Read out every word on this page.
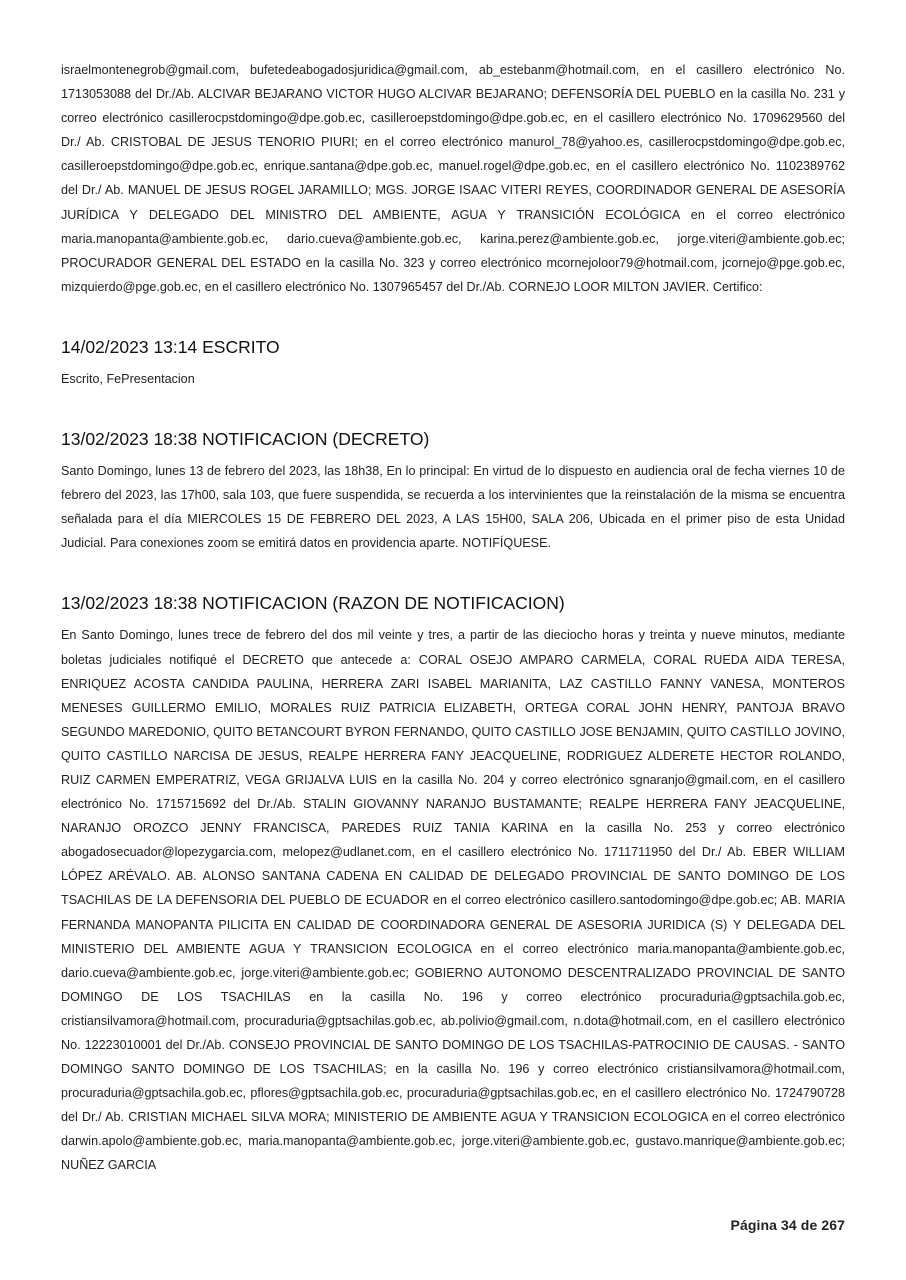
israelmontenegrob@gmail.com, bufetedeabogadosjuridica@gmail.com, ab_estebanm@hotmail.com, en el casillero electrónico No. 1713053088 del Dr./Ab. ALCIVAR BEJARANO VICTOR HUGO ALCIVAR BEJARANO; DEFENSORÍA DEL PUEBLO en la casilla No. 231 y correo electrónico casillerocpstdomingo@dpe.gob.ec, casilleroepstdomingo@dpe.gob.ec, en el casillero electrónico No. 1709629560 del Dr./ Ab. CRISTOBAL DE JESUS TENORIO PIURI; en el correo electrónico manurol_78@yahoo.es, casillerocpstdomingo@dpe.gob.ec, casilleroepstdomingo@dpe.gob.ec, enrique.santana@dpe.gob.ec, manuel.rogel@dpe.gob.ec, en el casillero electrónico No. 1102389762 del Dr./ Ab. MANUEL DE JESUS ROGEL JARAMILLO; MGS. JORGE ISAAC VITERI REYES, COORDINADOR GENERAL DE ASESORÍA JURÍDICA Y DELEGADO DEL MINISTRO DEL AMBIENTE, AGUA Y TRANSICIÓN ECOLÓGICA en el correo electrónico maria.manopanta@ambiente.gob.ec, dario.cueva@ambiente.gob.ec, karina.perez@ambiente.gob.ec, jorge.viteri@ambiente.gob.ec; PROCURADOR GENERAL DEL ESTADO en la casilla No. 323 y correo electrónico mcornejoloor79@hotmail.com, jcornejo@pge.gob.ec, mizquierdo@pge.gob.ec, en el casillero electrónico No. 1307965457 del Dr./Ab. CORNEJO LOOR MILTON JAVIER. Certifico:

14/02/2023 13:14 ESCRITO

Escrito, FePresentacion

13/02/2023 18:38 NOTIFICACION (DECRETO)

Santo Domingo, lunes 13 de febrero del 2023, las 18h38, En lo principal: En virtud de lo dispuesto en audiencia oral de fecha viernes 10 de febrero del 2023, las 17h00, sala 103, que fuere suspendida, se recuerda a los intervinientes que la reinstalación de la misma se encuentra señalada para el día MIERCOLES 15 DE FEBRERO DEL 2023, A LAS 15H00, SALA 206, Ubicada en el primer piso de esta Unidad Judicial. Para conexiones zoom se emitirá datos en providencia aparte. NOTIFÍQUESE.

13/02/2023 18:38 NOTIFICACION (RAZON DE NOTIFICACION)

En Santo Domingo, lunes trece de febrero del dos mil veinte y tres, a partir de las dieciocho horas y treinta y nueve minutos, mediante boletas judiciales notifiqué el DECRETO que antecede a: CORAL OSEJO AMPARO CARMELA, CORAL RUEDA AIDA TERESA, ENRIQUEZ ACOSTA CANDIDA PAULINA, HERRERA ZARI ISABEL MARIANITA, LAZ CASTILLO FANNY VANESA, MONTEROS MENESES GUILLERMO EMILIO, MORALES RUIZ PATRICIA ELIZABETH, ORTEGA CORAL JOHN HENRY, PANTOJA BRAVO SEGUNDO MAREDONIO, QUITO BETANCOURT BYRON FERNANDO, QUITO CASTILLO JOSE BENJAMIN, QUITO CASTILLO JOVINO, QUITO CASTILLO NARCISA DE JESUS, REALPE HERRERA FANY JEACQUELINE, RODRIGUEZ ALDERETE HECTOR ROLANDO, RUIZ CARMEN EMPERATRIZ, VEGA GRIJALVA LUIS en la casilla No. 204 y correo electrónico sgnaranjo@gmail.com, en el casillero electrónico No. 1715715692 del Dr./Ab. STALIN GIOVANNY NARANJO BUSTAMANTE; REALPE HERRERA FANY JEACQUELINE, NARANJO OROZCO JENNY FRANCISCA, PAREDES RUIZ TANIA KARINA en la casilla No. 253 y correo electrónico abogadosecuador@lopezygarcia.com, melopez@udlanet.com, en el casillero electrónico No. 1711711950 del Dr./ Ab. EBER WILLIAM LÓPEZ ARÉVALO. AB. ALONSO SANTANA CADENA EN CALIDAD DE DELEGADO PROVINCIAL DE SANTO DOMINGO DE LOS TSACHILAS DE LA DEFENSORIA DEL PUEBLO DE ECUADOR en el correo electrónico casillero.santodomingo@dpe.gob.ec; AB. MARIA FERNANDA MANOPANTA PILICITA EN CALIDAD DE COORDINADORA GENERAL DE ASESORIA JURIDICA (S) Y DELEGADA DEL MINISTERIO DEL AMBIENTE AGUA Y TRANSICION ECOLOGICA en el correo electrónico maria.manopanta@ambiente.gob.ec, dario.cueva@ambiente.gob.ec, jorge.viteri@ambiente.gob.ec; GOBIERNO AUTONOMO DESCENTRALIZADO PROVINCIAL DE SANTO DOMINGO DE LOS TSACHILAS en la casilla No. 196 y correo electrónico procuraduria@gptsachila.gob.ec, cristiansilvamora@hotmail.com, procuraduria@gptsachilas.gob.ec, ab.polivio@gmail.com, n.dota@hotmail.com, en el casillero electrónico No. 12223010001 del Dr./Ab. CONSEJO PROVINCIAL DE SANTO DOMINGO DE LOS TSACHILAS-PATROCINIO DE CAUSAS. - SANTO DOMINGO SANTO DOMINGO DE LOS TSACHILAS; en la casilla No. 196 y correo electrónico cristiansilvamora@hotmail.com, procuraduria@gptsachila.gob.ec, pflores@gptsachila.gob.ec, procuraduria@gptsachilas.gob.ec, en el casillero electrónico No. 1724790728 del Dr./ Ab. CRISTIAN MICHAEL SILVA MORA; MINISTERIO DE AMBIENTE AGUA Y TRANSICION ECOLOGICA en el correo electrónico darwin.apolo@ambiente.gob.ec, maria.manopanta@ambiente.gob.ec, jorge.viteri@ambiente.gob.ec, gustavo.manrique@ambiente.gob.ec; NUÑEZ GARCIA

Página 34 de 267
